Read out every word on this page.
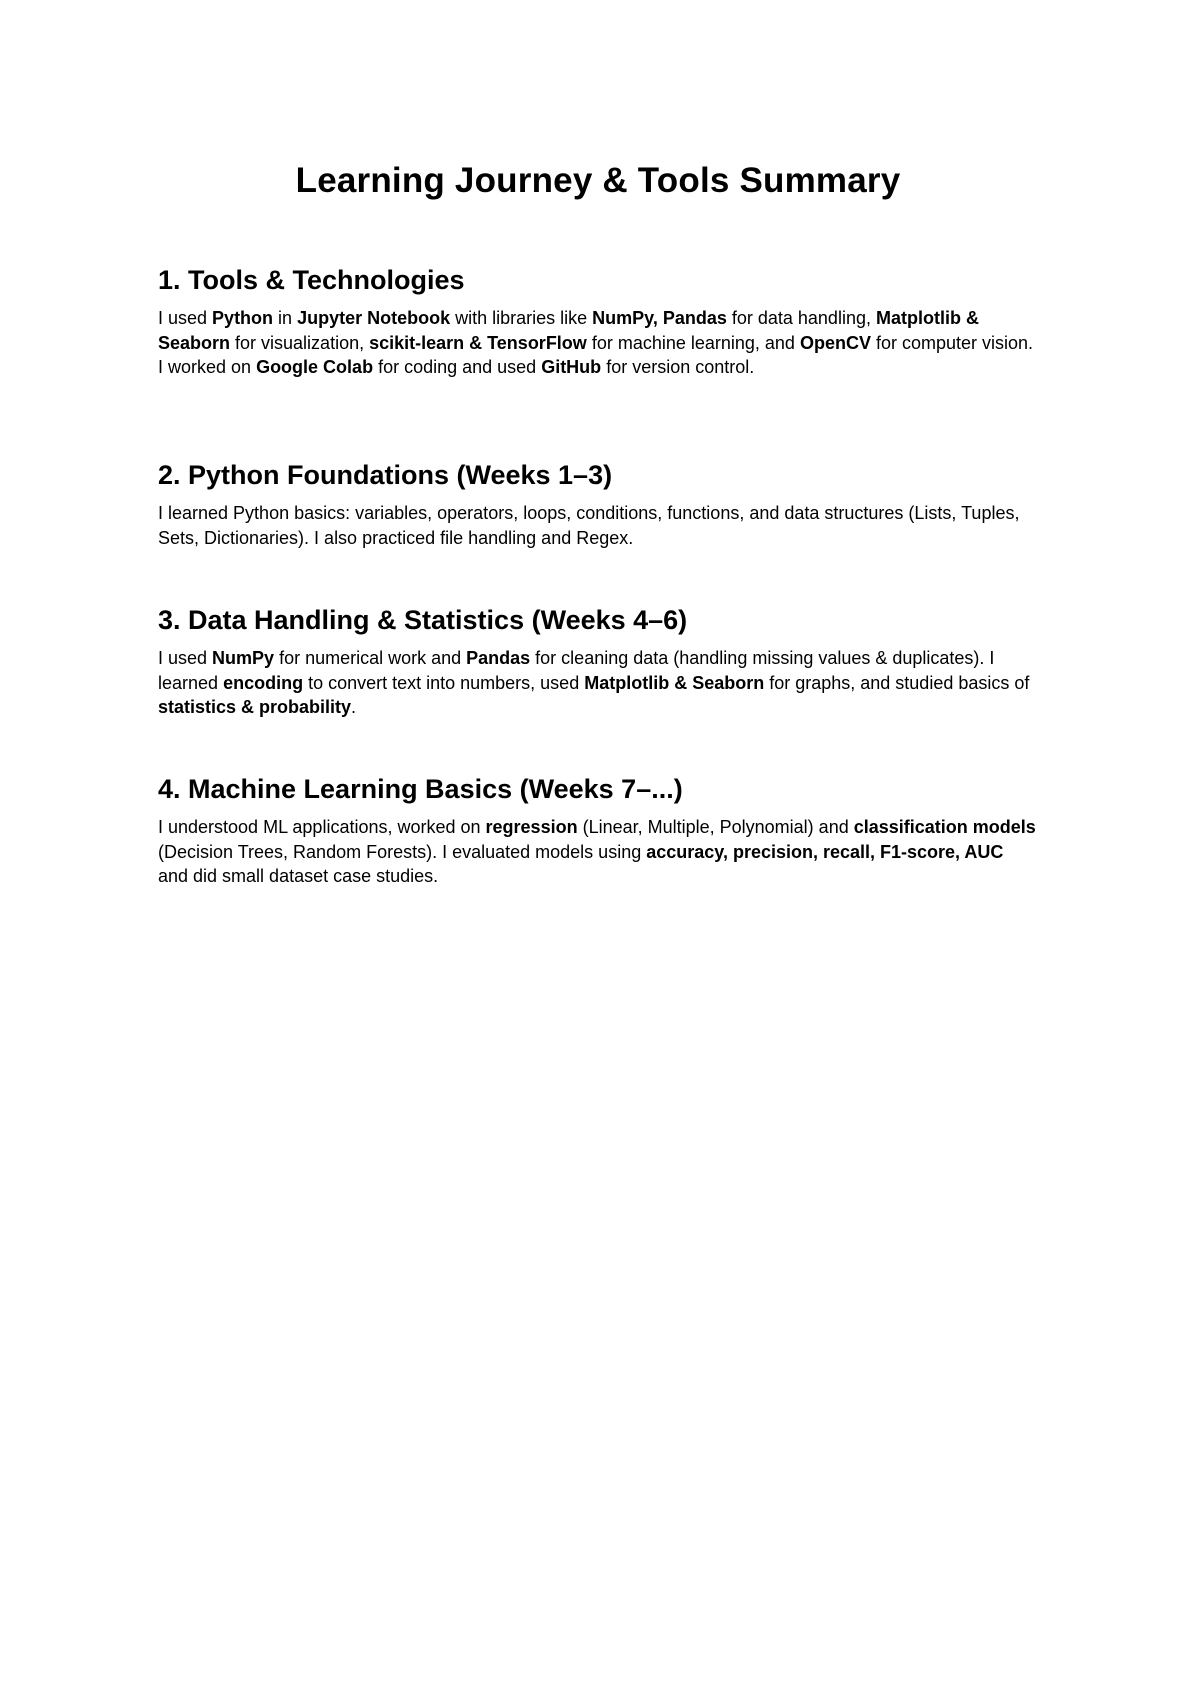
Learning Journey & Tools Summary
1. Tools & Technologies

I used Python in Jupyter Notebook with libraries like NumPy, Pandas for data handling, Matplotlib & Seaborn for visualization, scikit-learn & TensorFlow for machine learning, and OpenCV for computer vision. I worked on Google Colab for coding and used GitHub for version control.

2. Python Foundations (Weeks 1–3)

I learned Python basics: variables, operators, loops, conditions, functions, and data structures (Lists, Tuples, Sets, Dictionaries). I also practiced file handling and Regex.

3. Data Handling & Statistics (Weeks 4–6)

I used NumPy for numerical work and Pandas for cleaning data (handling missing values & duplicates). I learned encoding to convert text into numbers, used Matplotlib & Seaborn for graphs, and studied basics of statistics & probability.

4. Machine Learning Basics (Weeks 7–...)

I understood ML applications, worked on regression (Linear, Multiple, Polynomial) and classification models (Decision Trees, Random Forests). I evaluated models using accuracy, precision, recall, F1-score, AUC and did small dataset case studies.
